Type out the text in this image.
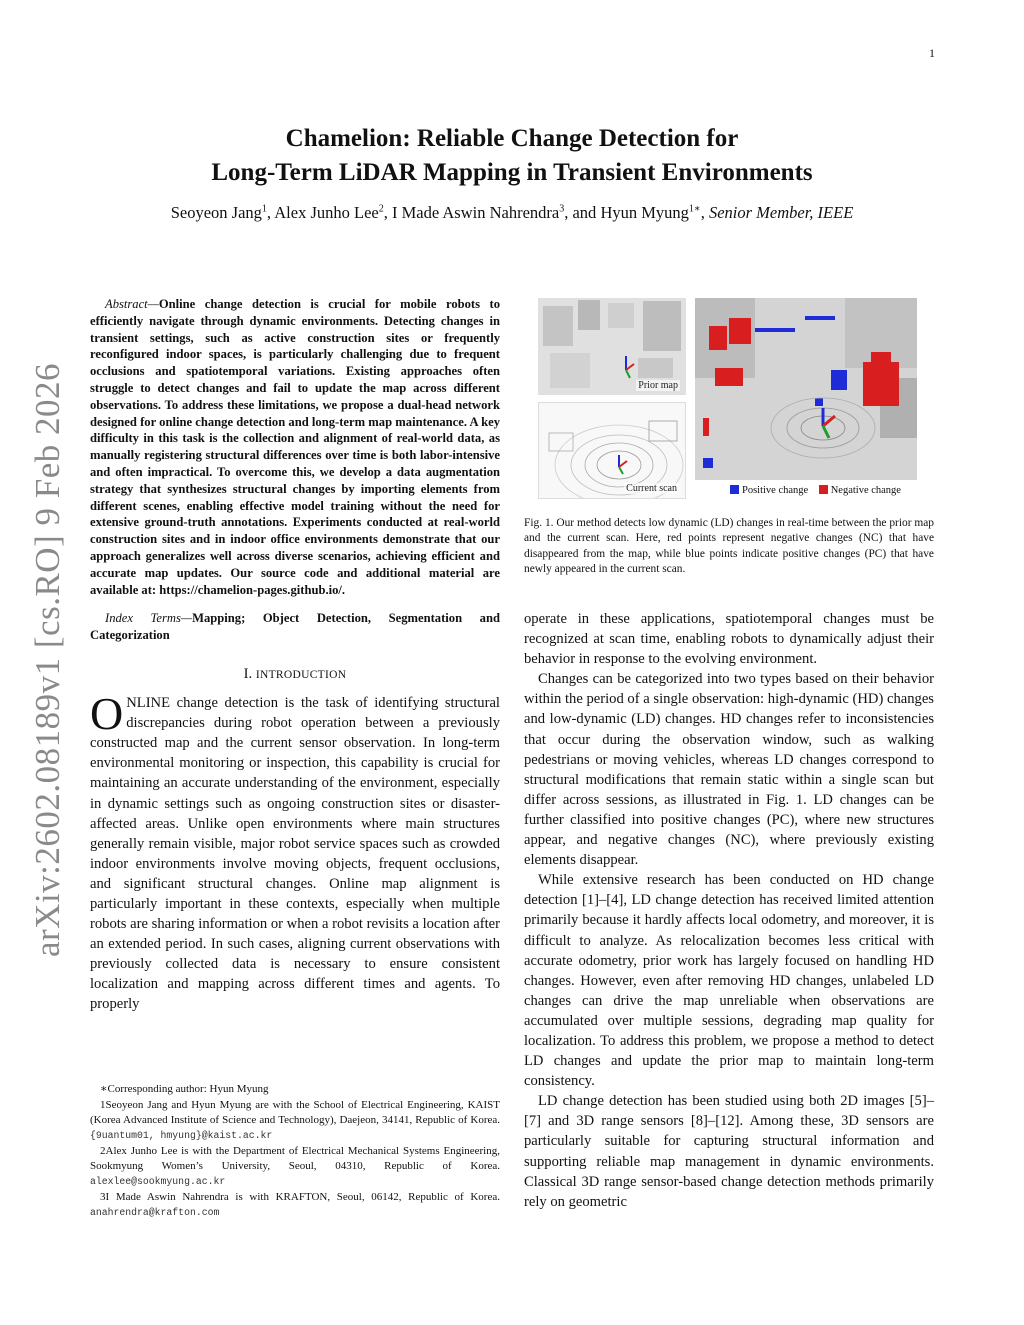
1
arXiv:2602.08189v1 [cs.RO] 9 Feb 2026
Chamelion: Reliable Change Detection for
Long-Term LiDAR Mapping in Transient Environments
Seoyeon Jang$^1$, Alex Junho Lee$^2$, I Made Aswin Nahrendra$^3$, and Hyun Myung$^{1∗}$, Senior Member, IEEE

Abstract—Online change detection is crucial for mobile robots to efficiently navigate through dynamic environments. Detecting changes in transient settings, such as active construction sites or frequently reconfigured indoor spaces, is particularly challenging due to frequent occlusions and spatiotemporal variations. Existing approaches often struggle to detect changes and fail to update the map across different observations. To address these limitations, we propose a dual-head network designed for online change detection and long-term map maintenance. A key difficulty in this task is the collection and alignment of real-world data, as manually registering structural differences over time is both labor-intensive and often impractical. To overcome this, we develop a data augmentation strategy that synthesizes structural changes by importing elements from different scenes, enabling effective model training without the need for extensive ground-truth annotations. Experiments conducted at real-world construction sites and in indoor office environments demonstrate that our approach generalizes well across diverse scenarios, achieving efficient and accurate map updates. Our source code and additional material are available at: https://chamelion-pages.github.io/.

Index Terms—Mapping; Object Detection, Segmentation and Categorization

I. INTRODUCTION

ONLINE change detection is the task of identifying structural discrepancies during robot operation between a previously constructed map and the current sensor observation. In long-term environmental monitoring or inspection, this capability is crucial for maintaining an accurate understanding of the environment, especially in dynamic settings such as ongoing construction sites or disaster-affected areas. Unlike open environments where main structures generally remain visible, major robot service spaces such as crowded indoor environments involve moving objects, frequent occlusions, and significant structural changes. Online map alignment is particularly important in these contexts, especially when multiple robots are sharing information or when a robot revisits a location after an extended period. In such cases, aligning current observations with previously collected data is necessary to ensure consistent localization and mapping across different times and agents. To properly

∗Corresponding author: Hyun Myung

1Seoyeon Jang and Hyun Myung are with the School of Electrical Engineering, KAIST (Korea Advanced Institute of Science and Technology), Daejeon, 34141, Republic of Korea. {9uantum01, hmyung}@kaist.ac.kr

2Alex Junho Lee is with the Department of Electrical Mechanical Systems Engineering, Sookmyung Women’s University, Seoul, 04310, Republic of Korea. alexlee@sookmyung.ac.kr

3I Made Aswin Nahrendra is with KRAFTON, Seoul, 06142, Republic of Korea. anahrendra@krafton.com

Prior map
Current scan	Positive change Negative change
Fig. 1. Our method detects low dynamic (LD) changes in real-time between the prior map and the current scan. Here, red points represent negative changes (NC) that have disappeared from the map, while blue points indicate positive changes (PC) that have newly appeared in the current scan.

operate in these applications, spatiotemporal changes must be recognized at scan time, enabling robots to dynamically adjust their behavior in response to the evolving environment.

Changes can be categorized into two types based on their behavior within the period of a single observation: high-dynamic (HD) changes and low-dynamic (LD) changes. HD changes refer to inconsistencies that occur during the observation window, such as walking pedestrians or moving vehicles, whereas LD changes correspond to structural modifications that remain static within a single scan but differ across sessions, as illustrated in Fig. 1. LD changes can be further classified into positive changes (PC), where new structures appear, and negative changes (NC), where previously existing elements disappear.

While extensive research has been conducted on HD change detection [1]–[4], LD change detection has received limited attention primarily because it hardly affects local odometry, and moreover, it is difficult to analyze. As relocalization becomes less critical with accurate odometry, prior work has largely focused on handling HD changes. However, even after removing HD changes, unlabeled LD changes can drive the map unreliable when observations are accumulated over multiple sessions, degrading map quality for localization. To address this problem, we propose a method to detect LD changes and update the prior map to maintain long-term consistency.

LD change detection has been studied using both 2D images [5]–[7] and 3D range sensors [8]–[12]. Among these, 3D sensors are particularly suitable for capturing structural information and supporting reliable map management in dynamic environments. Classical 3D range sensor-based change detection methods primarily rely on geometric
